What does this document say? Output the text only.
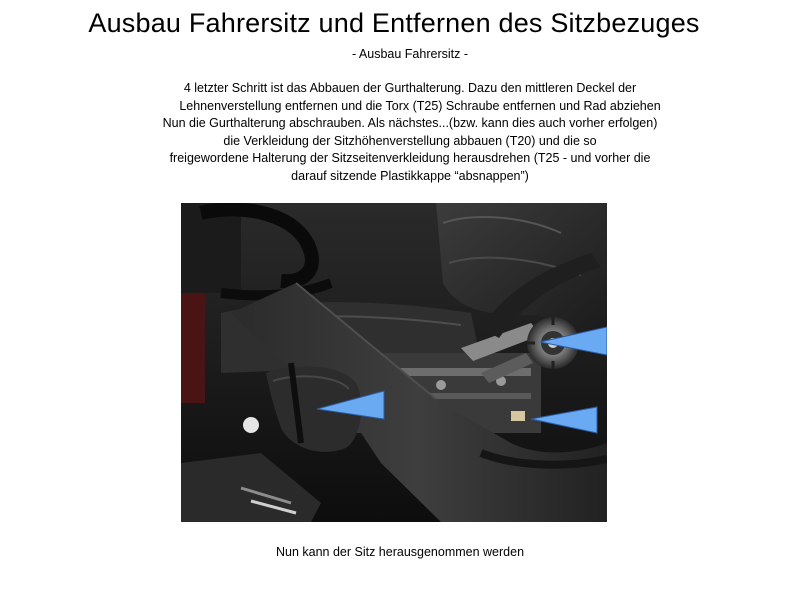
Ausbau Fahrersitz und Entfernen des Sitzbezuges
- Ausbau Fahrersitz -
4 letzter Schritt ist das Abbauen der Gurthalterung. Dazu den mittleren Deckel der
Lehnenverstellung entfernen und die Torx (T25) Schraube entfernen und Rad abziehen
Nun die Gurthalterung abschrauben. Als nächstes...(bzw. kann dies auch vorher erfolgen)
die Verkleidung der Sitzhöhenverstellung abbauen (T20) und die so
freigewordene Halterung der Sitzseitenverkleidung herausdrehen (T25 - und vorher die
darauf sitzende Plastikkappe “absnappen”)
Nun kann der Sitz herausgenommen werden
